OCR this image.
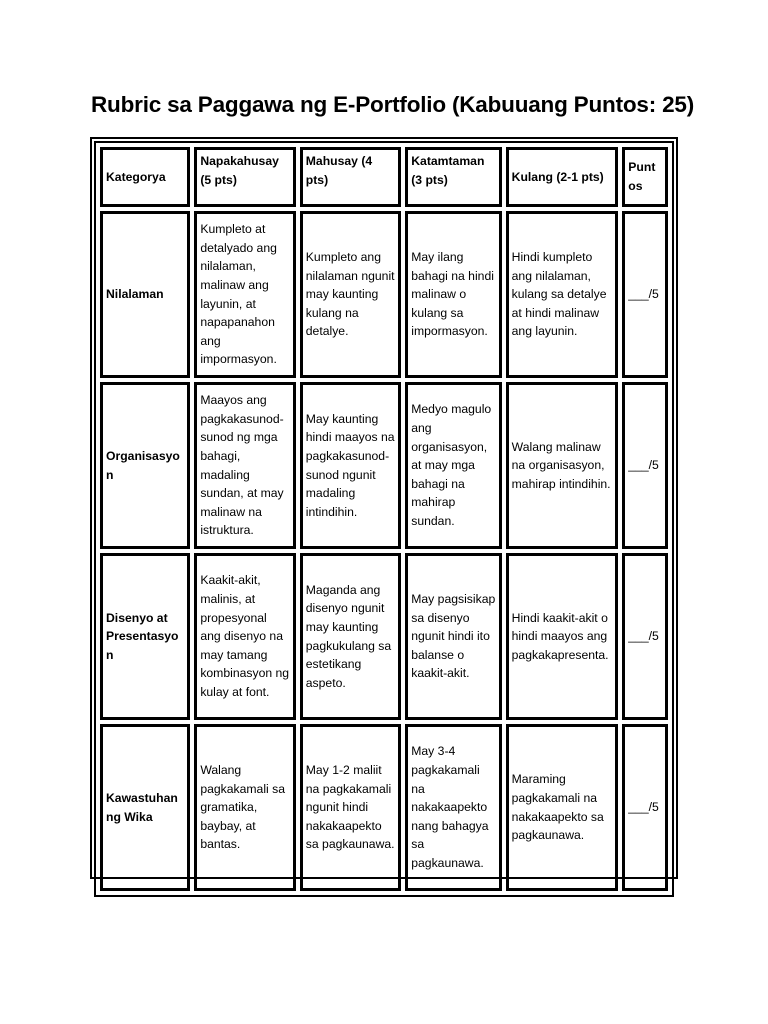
Rubric sa Paggawa ng E-Portfolio (Kabuuang Puntos: 25)
Kategorya	Napakahusay (5 pts)	Mahusay (4 pts)	Katamtaman (3 pts)	Kulang (2-1 pts)	Puntos
Nilalaman	Kumpleto at detalyado ang nilalaman, malinaw ang layunin, at napapanahon ang impormasyon.	Kumpleto ang nilalaman ngunit may kaunting kulang na detalye.	May ilang bahagi na hindi malinaw o kulang sa impormasyon.	Hindi kumpleto ang nilalaman, kulang sa detalye at hindi malinaw ang layunin.	___/5
Organisasyon	Maayos ang pagkakasunod-sunod ng mga bahagi, madaling sundan, at may malinaw na istruktura.	May kaunting hindi maayos na pagkakasunod-sunod ngunit madaling intindihin.	Medyo magulo ang organisasyon, at may mga bahagi na mahirap sundan.	Walang malinaw na organisasyon, mahirap intindihin.	___/5
Disenyo at Presentasyon	Kaakit-akit, malinis, at propesyonal ang disenyo na may tamang kombinasyon ng kulay at font.	Maganda ang disenyo ngunit may kaunting pagkukulang sa estetikang aspeto.	May pagsisikap sa disenyo ngunit hindi ito balanse o kaakit-akit.	Hindi kaakit-akit o hindi maayos ang pagkakapresenta.	___/5
Kawastuhan ng Wika	Walang pagkakamali sa gramatika, baybay, at bantas.	May 1-2 maliit na pagkakamali ngunit hindi nakakaapekto sa pagkaunawa.	May 3-4 pagkakamali na nakakaapekto nang bahagya sa pagkaunawa.	Maraming pagkakamali na nakakaapekto sa pagkaunawa.	___/5
